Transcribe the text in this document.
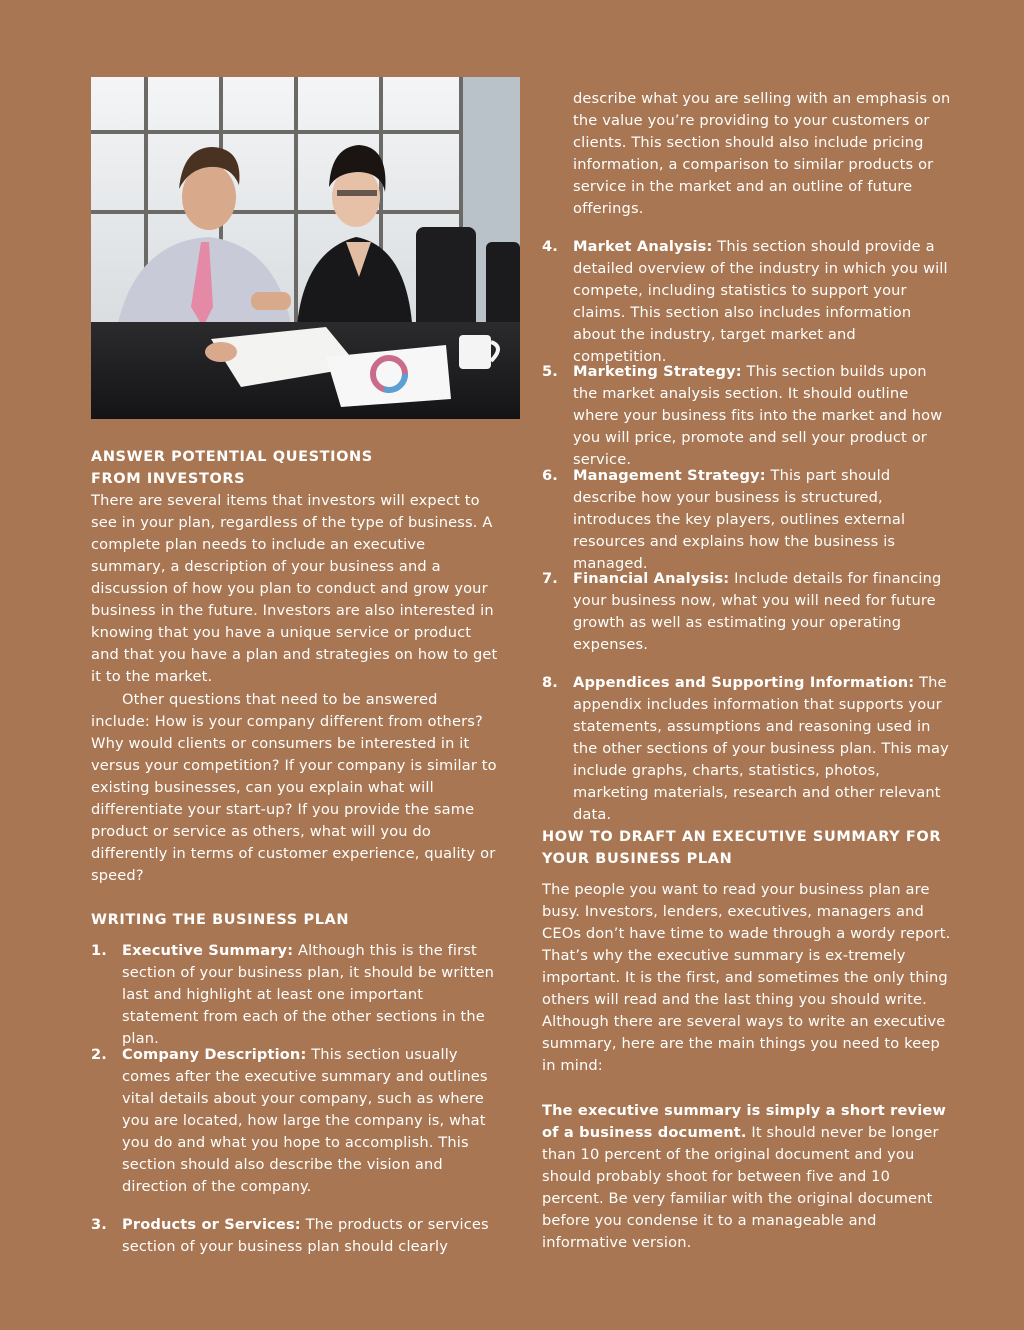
ANSWER POTENTIAL QUESTIONS
FROM INVESTORS

There are several items that investors will expect to see in your plan, regardless of the type of business. A complete plan needs to include an executive summary, a description of your business and a discussion of how you plan to conduct and grow your business in the future. Investors are also interested in knowing that you have a unique service or product and that you have a plan and strategies on how to get it to the market.

Other questions that need to be answered include: How is your company different from others? Why would clients or consumers be interested in it versus your competition? If your company is similar to existing businesses, can you explain what will differentiate your start-up? If you provide the same product or service as others, what will you do differently in terms of customer experience, quality or speed?

WRITING THE BUSINESS PLAN
1. Executive Summary: Although this is the first section of your business plan, it should be written last and highlight at least one important statement from each of the other sections in the plan.
2. Company Description: This section usually comes after the executive summary and outlines vital details about your company, such as where you are located, how large the company is, what you do and what you hope to accomplish. This section should also describe the vision and direction of the company.
3. Products or Services: The products or services section of your business plan should clearly

describe what you are selling with an emphasis on the value you’re providing to your customers or clients. This section should also include pricing information, a comparison to similar products or service in the market and an outline of future offerings.

4. Market Analysis: This section should provide a detailed overview of the industry in which you will compete, including statistics to support your claims. This section also includes information about the industry, target market and competition.
5. Marketing Strategy: This section builds upon the market analysis section. It should outline where your business fits into the market and how you will price, promote and sell your product or service.
6. Management Strategy: This part should describe how your business is structured, introduces the key players, outlines external resources and explains how the business is managed.
7. Financial Analysis: Include details for financing your business now, what you will need for future growth as well as estimating your operating expenses.
8. Appendices and Supporting Information: The appendix includes information that supports your statements, assumptions and reasoning used in the other sections of your business plan. This may include graphs, charts, statistics, photos, marketing materials, research and other relevant data.
HOW TO DRAFT AN EXECUTIVE SUMMARY FOR
YOUR BUSINESS PLAN

The people you want to read your business plan are busy. Investors, lenders, executives, managers and CEOs don’t have time to wade through a wordy report. That’s why the executive summary is ex-tremely important. It is the first, and sometimes the only thing others will read and the last thing you should write. Although there are several ways to write an executive summary, here are the main things you need to keep in mind:

The executive summary is simply a short review of a business document. It should never be longer than 10 percent of the original document and you should probably shoot for between five and 10 percent. Be very familiar with the original document before you condense it to a manageable and informative version.
